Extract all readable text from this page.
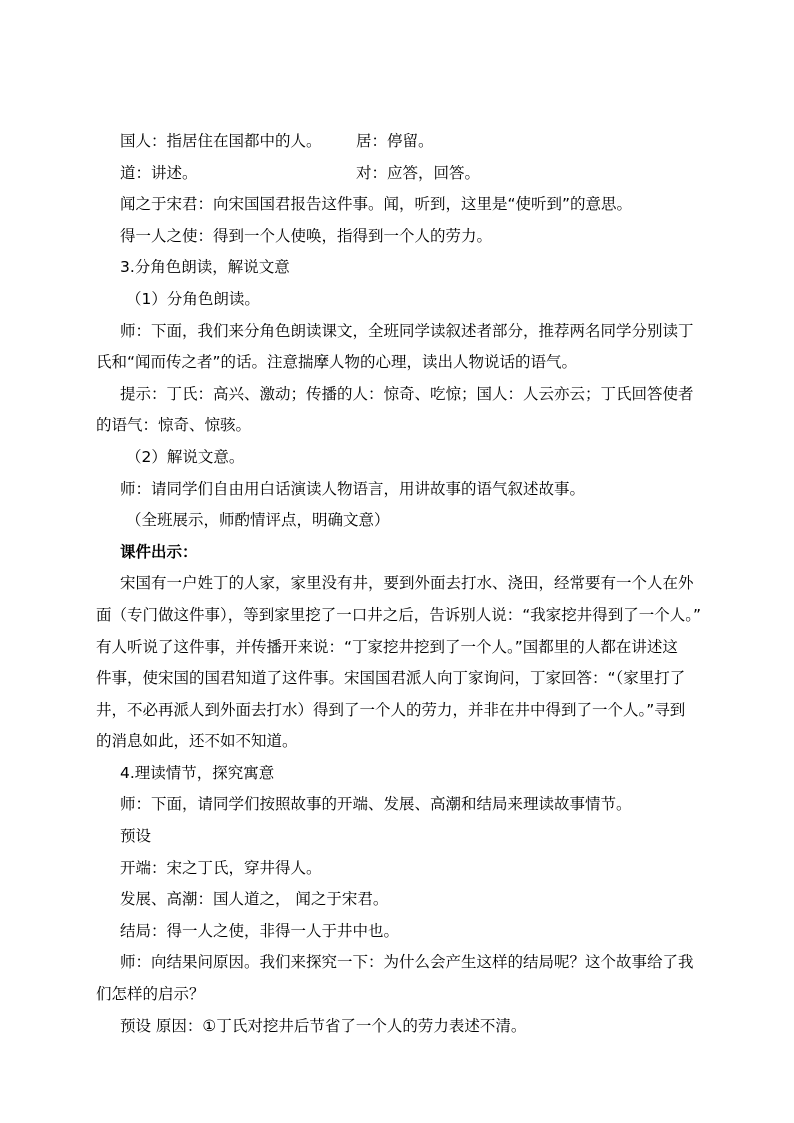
国人：指居住在国都中的人。 居：停留。
道：讲述。	对：应答，回答。
闻之于宋君：向宋国国君报告这件事。闻，听到，这里是“使听到”的意思。
得一人之使：得到一个人使唤，指得到一个人的劳力。
3.分角色朗读，解说文意
（1）分角色朗读。
师：下面，我们来分角色朗读课文，全班同学读叙述者部分，推荐两名同学分别读丁
氏和“闻而传之者”的话。注意揣摩人物的心理，读出人物说话的语气。
提示：丁氏：高兴、激动；传播的人：惊奇、吃惊；国人：人云亦云；丁氏回答使者
的语气：惊奇、惊骇。
（2）解说文意。
师：请同学们自由用白话演读人物语言，用讲故事的语气叙述故事。
（全班展示，师酌情评点，明确文意）
课件出示：
宋国有一户姓丁的人家，家里没有井，要到外面去打水、浇田，经常要有一个人在外
面（专门做这件事），等到家里挖了一口井之后，告诉别人说：“我家挖井得到了一个人。”
有人听说了这件事，并传播开来说：“丁家挖井挖到了一个人。”国都里的人都在讲述这
件事，使宋国的国君知道了这件事。宋国国君派人向丁家询问，丁家回答：“（家里打了
井，不必再派人到外面去打水）得到了一个人的劳力，并非在井中得到了一个人。”寻到
的消息如此，还不如不知道。
4.理读情节，探究寓意
师：下面，请同学们按照故事的开端、发展、高潮和结局来理读故事情节。
预设
开端：宋之丁氏，穿井得人。
发展、高潮：国人道之， 闻之于宋君。
结局：得一人之使，非得一人于井中也。
师：向结果问原因。我们来探究一下：为什么会产生这样的结局呢？这个故事给了我
们怎样的启示？
预设 原因：①丁氏对挖井后节省了一个人的劳力表述不清。
